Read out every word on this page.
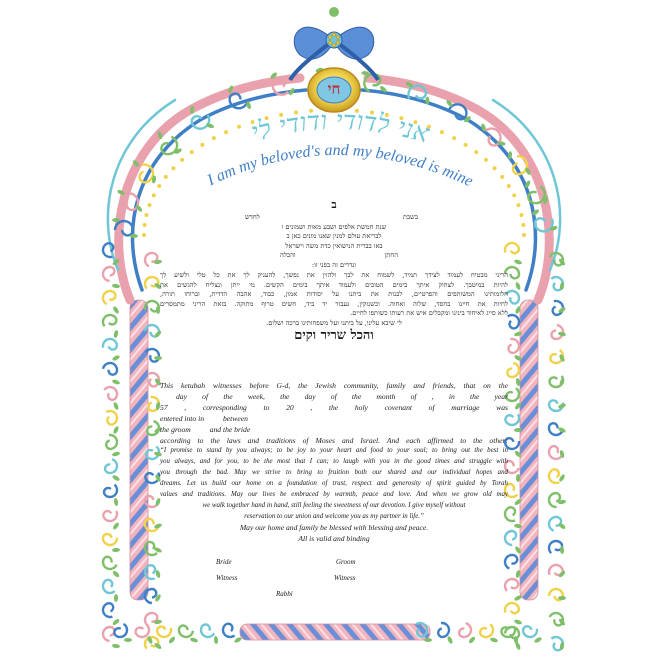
חי
אני לדודי ודודי לי
I am my beloved's and my beloved is mine
ב
בשבת
לחדש
שנת חמשת אלפים ושבע מאות ושמונים ו
לבריאת עולם למנין שאנו מונים כאן ב
באו בברית הנישואין כדת משה וישראל
החתן
והכלה
ונדרים זה בפני זו:
הריני מבטיח לעמוד לצידך תמיד, לשמוח את לבך ולהזין את נפשך, להעניק לך את כל טלי ולשיע לך
להיות במיטבך. לצחוק איתך בימים הטובים ולעמוד איתך בימים הקשים. מי ייתן ונצליח להגשים את
חלומותינו המשותפים והפרטיים, לבנות את ביתנו על יסודות אמון, כבוד, אהבה הדדית, וברוחו תורה,
לחיות את חיינו בחסד, שלוה ואחוה. וכשנזקין, נעבור יד ביד, חשים טרוף מתוקה. בזאת הריני מתמסרים
ללא סייג לאיחוד בינינו ומקבלים איש את רעותו כשותפו לחיים.
לי שיבא עלינו, על ביתנו ועל משפחותינו ברכה ושלום.
והכל שריר וקים
This ketubah witnesses before G-d, the Jewish community, family and friends, that on the
day of the week, the day of the month of , in the year
57 , corresponding to 20 , the holy covenant of marriage was
entered into in          between
the groom          and the bride
according to the laws and traditions of Moses and Israel. And each affirmed to the other:
“I promise to stand by you always; to be joy to your heart and food to your soul; to bring out the best in
you always, and for you, to be the most that I can; to laugh with you in the good times and struggle with
you through the bad. May we strive to bring to fruition both our shared and our individual hopes and
dreams. Let us build our home on a foundation of trust, respect and generosity of spirit guided by Torah
values and traditions. May our lives be embraced by warmth, peace and love. And when we grow old may
we walk together hand in hand, still feeling the sweetness of our devotion. I give myself without
reservation to our union and welcome you as my partner in life.”
May our home and family be blessed with blessing and peace.
All is valid and binding
Bride	Groom
Witness	Witness
Rabbi
